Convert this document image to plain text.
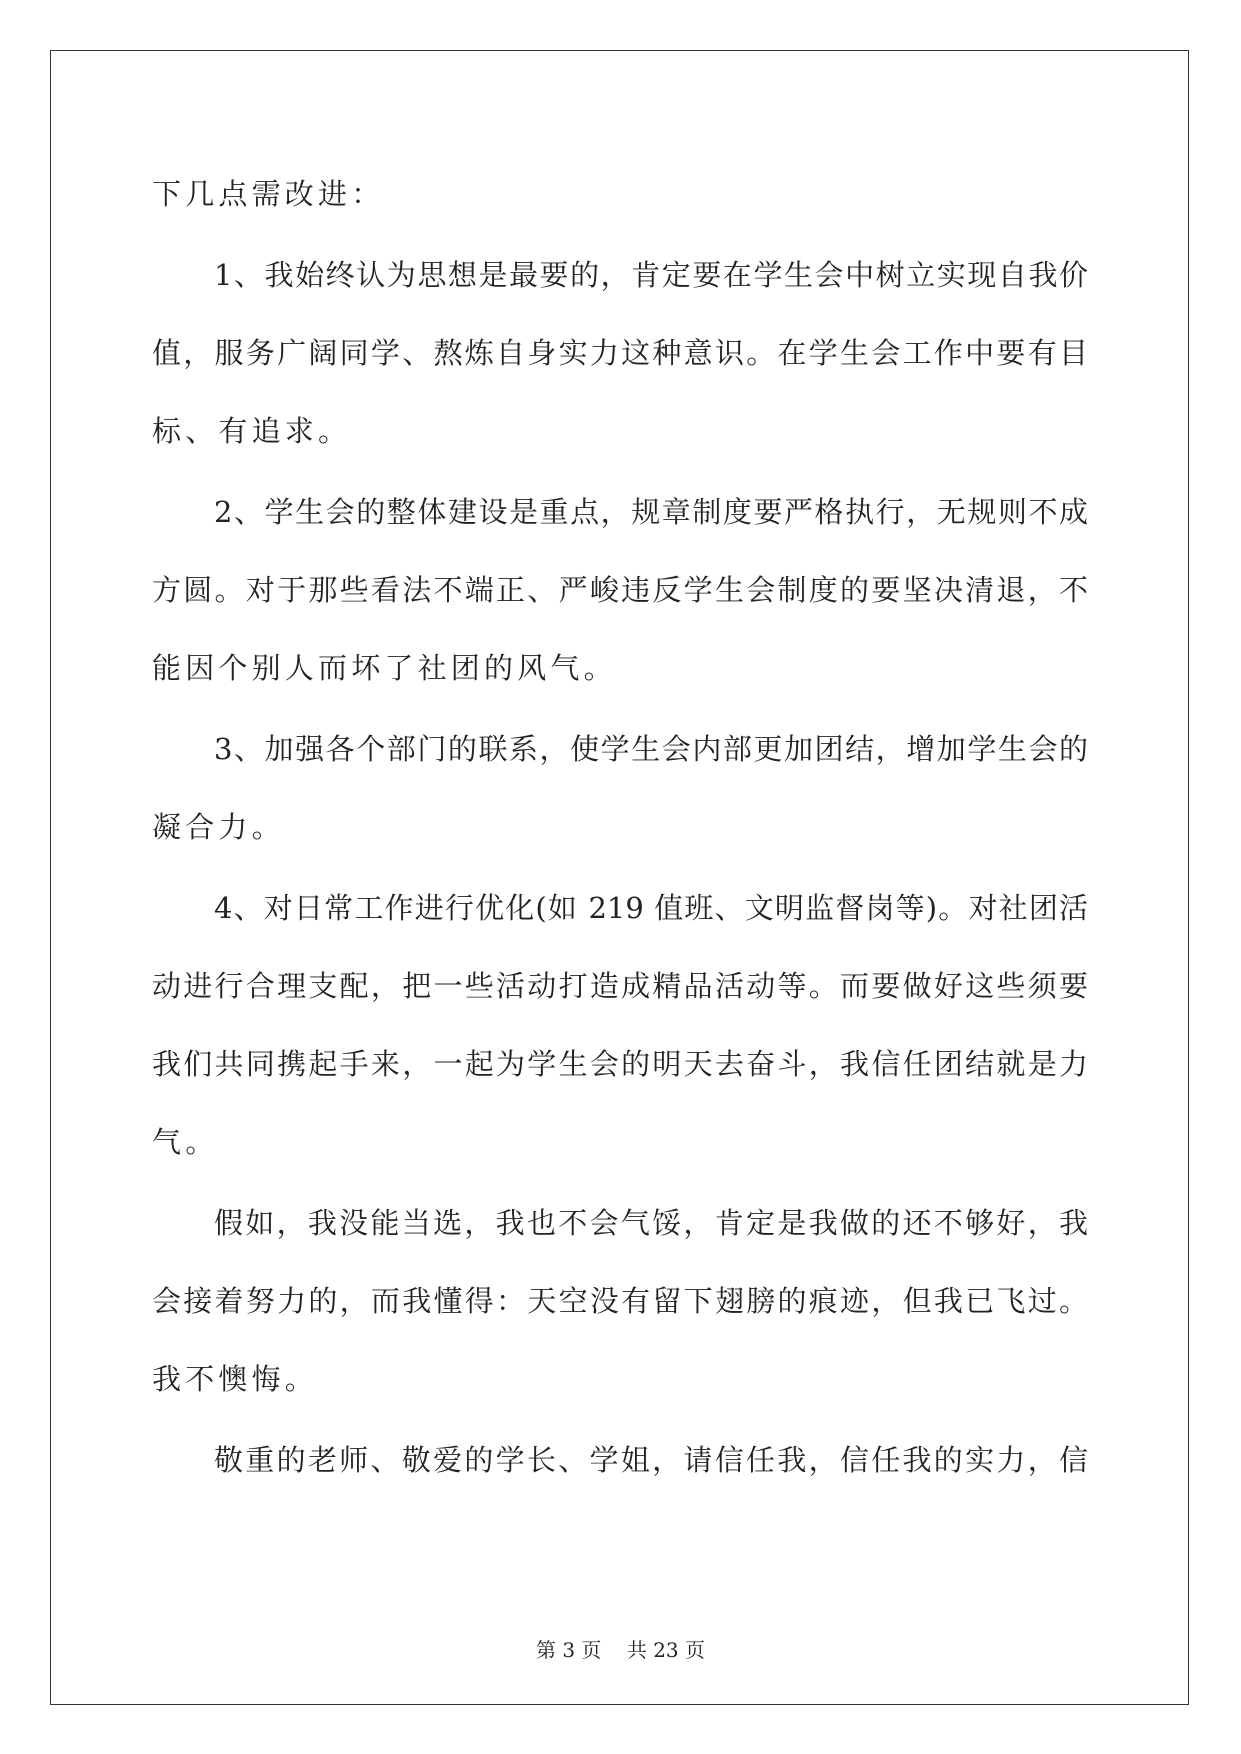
下几点需改进：
1、我始终认为思想是最要的，肯定要在学生会中树立实现自我价
值，服务广阔同学、熬炼自身实力这种意识。在学生会工作中要有目
标、有追求。
2、学生会的整体建设是重点，规章制度要严格执行，无规则不成
方圆。对于那些看法不端正、严峻违反学生会制度的要坚决清退，不
能因个别人而坏了社团的风气。
3、加强各个部门的联系，使学生会内部更加团结，增加学生会的
凝合力。
4、对日常工作进行优化(如 219 值班、文明监督岗等)。对社团活
动进行合理支配，把一些活动打造成精品活动等。而要做好这些须要
我们共同携起手来，一起为学生会的明天去奋斗，我信任团结就是力
气。
假如，我没能当选，我也不会气馁，肯定是我做的还不够好，我
会接着努力的，而我懂得：天空没有留下翅膀的痕迹，但我已飞过。
我不懊悔。
敬重的老师、敬爱的学长、学姐，请信任我，信任我的实力，信
第 3 页    共 23 页
